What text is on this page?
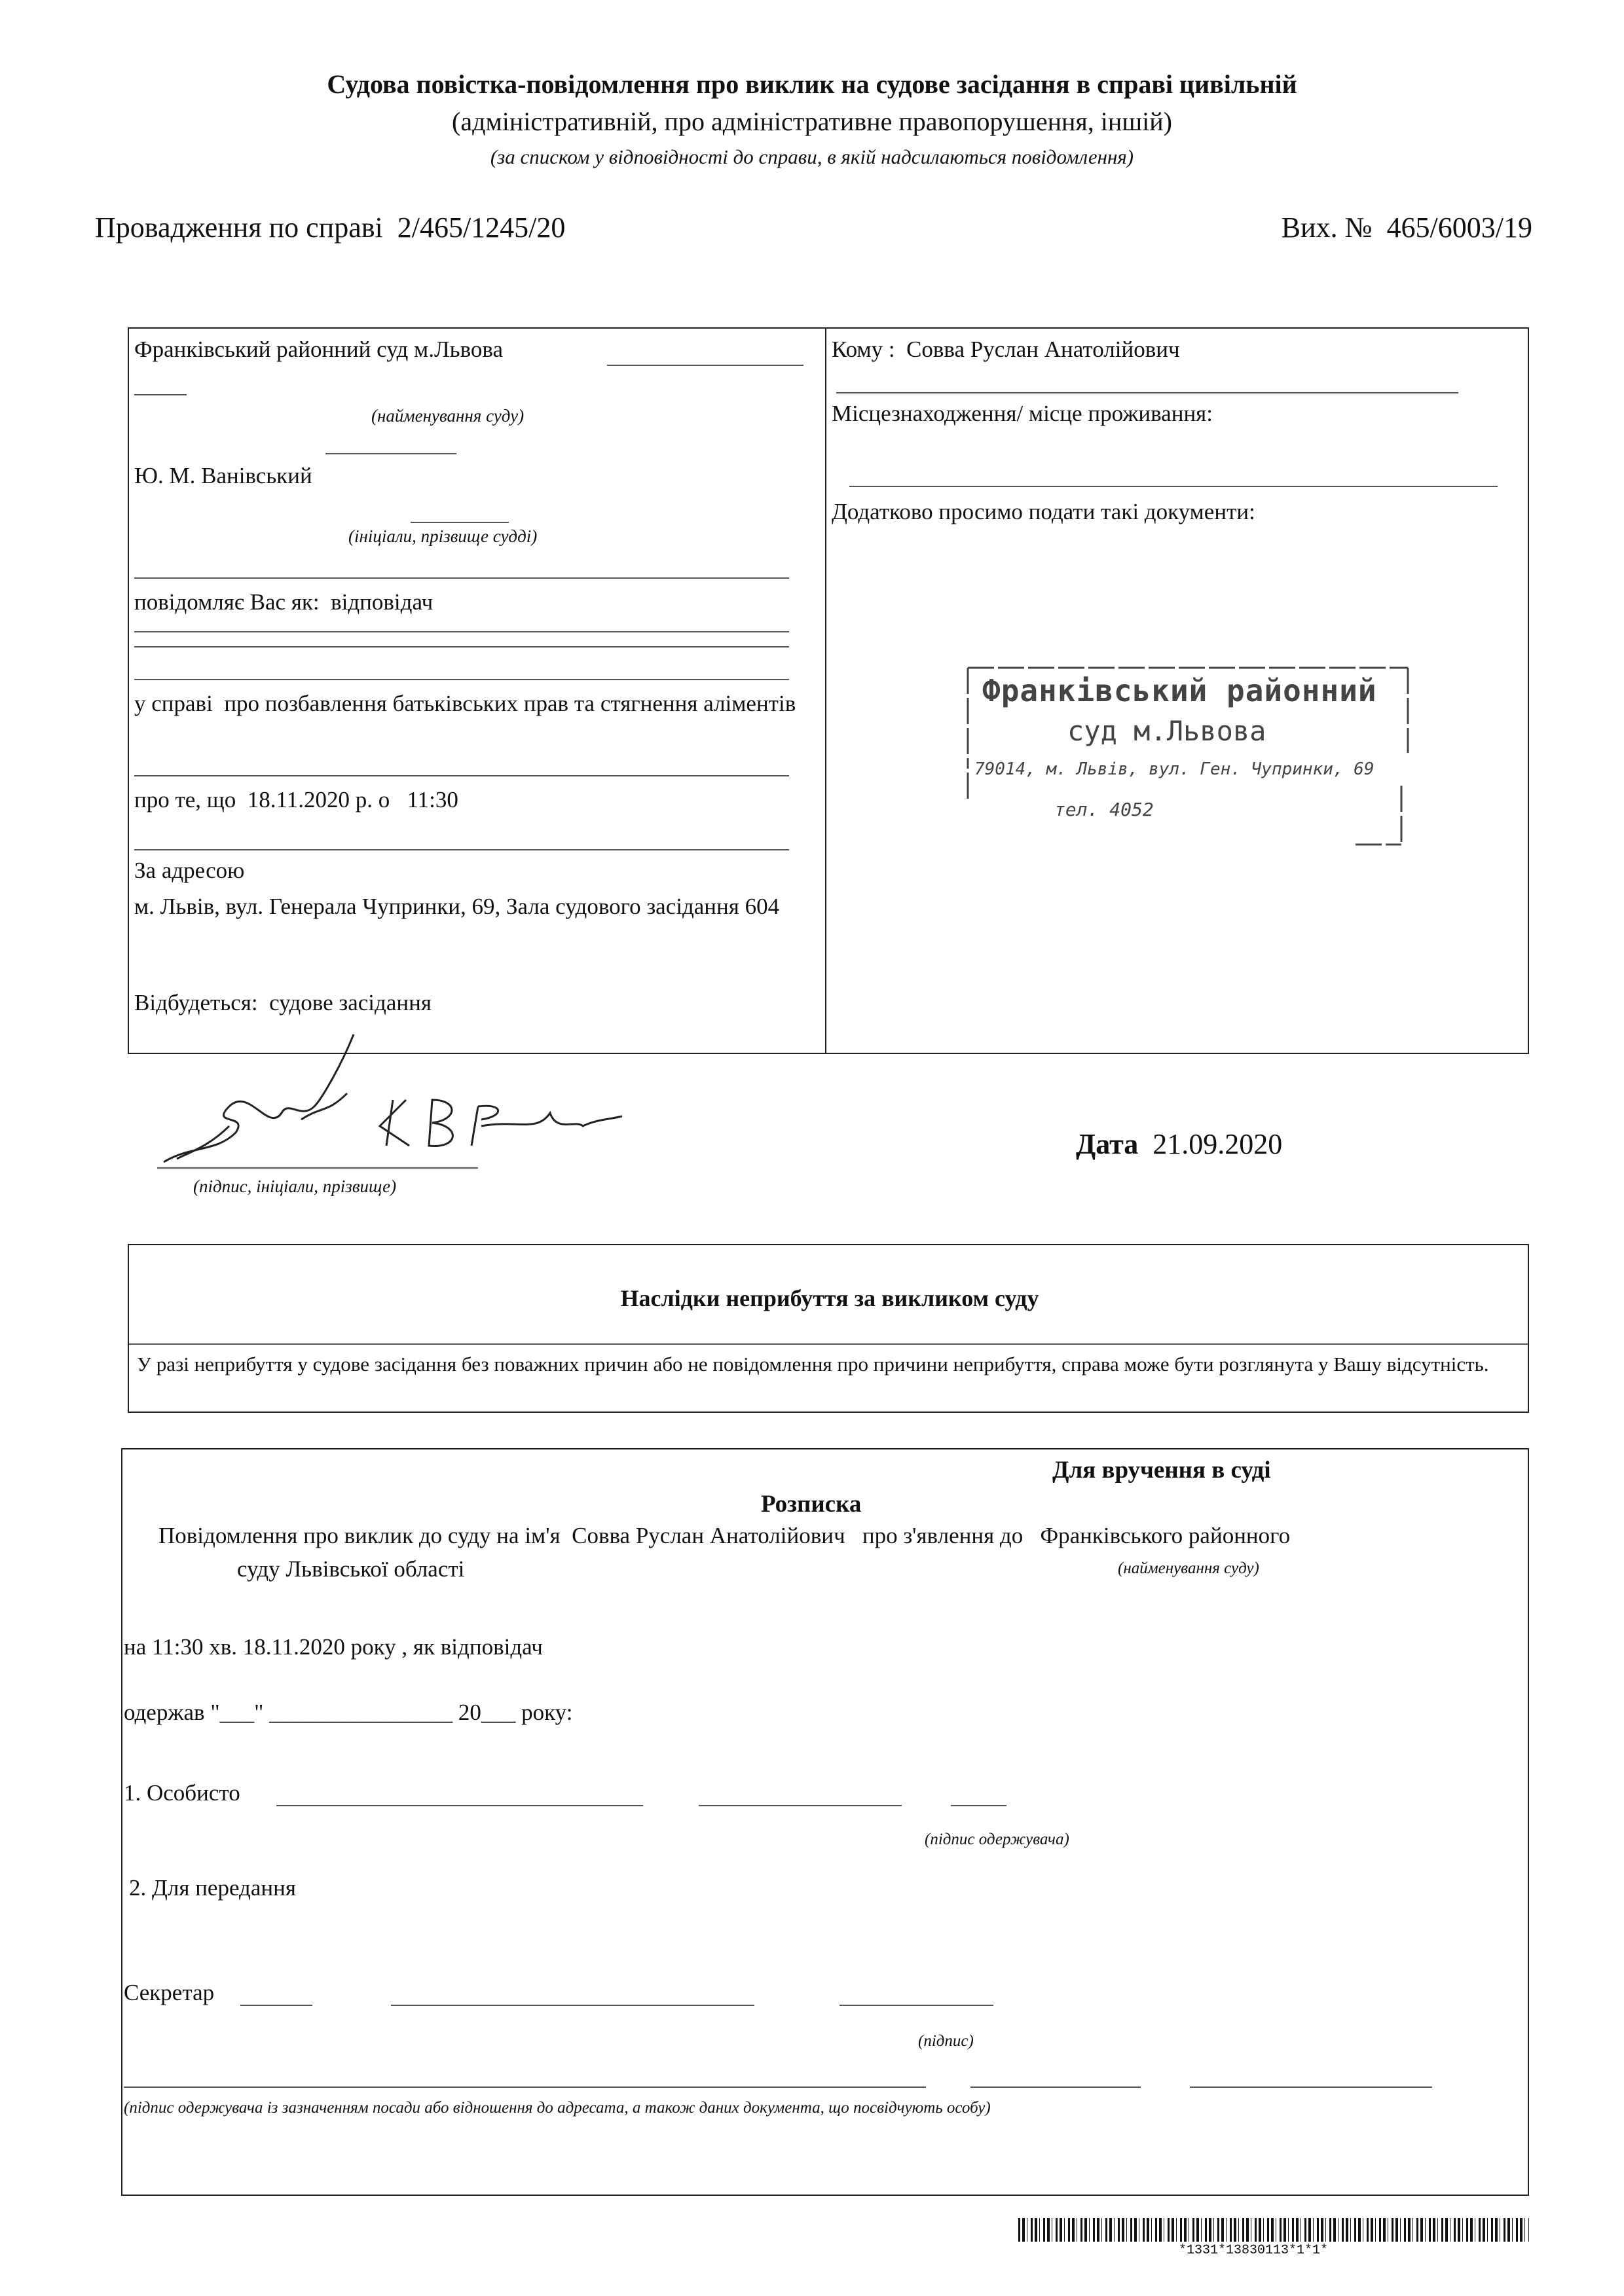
Судова повістка-повідомлення про виклик на судове засідання в справі цивільній
(адміністративній, про адміністративне правопорушення, іншій)
(за списком у відповідності до справи, в якій надсилаються повідомлення)
Провадження по справі 2/465/1245/20	Вих. № 465/6003/19
Франківський районний суд м.Львова
(найменування суду)
Ю. М. Ванівський
(ініціали, прізвище судді)
повідомляє Вас як: відповідач
у справі про позбавлення батьківських прав та стягнення аліментів
про те, що 18.11.2020 р. о 11:30
За адресою
м. Львів, вул. Генерала Чупринки, 69, Зала судового засідання 604
Відбудеться: судове засідання
Кому : Совва Руслан Анатолійович
Місцезнаходження/ місце проживання:
Додатково просимо подати такі документи:
Франківський районний
суд м.Львова
79014, м. Львів, вул. Ген. Чупринки, 69
тел. 4052
(підпис, ініціали, прізвище)
Дата 21.09.2020
Наслідки неприбуття за викликом суду
У разі неприбуття у судове засідання без поважних причин або не повідомлення про причини неприбуття, справа може бути розглянута у Вашу відсутність.
Для вручення в суді
Розписка
Повідомлення про виклик до суду на ім'я Совва Руслан Анатолійович про з'явлення до Франківського районного
суду Львівської області	(найменування суду)
на 11:30 хв. 18.11.2020 року , як відповідач
одержав "___" ________________ 20___ року:
1. Особисто
(підпис одержувача)
2. Для передання
Секретар
(підпис)
(підпис одержувача із зазначенням посади або відношення до адресата, а також даних документа, що посвідчують особу)
*1331*13830113*1*1*
